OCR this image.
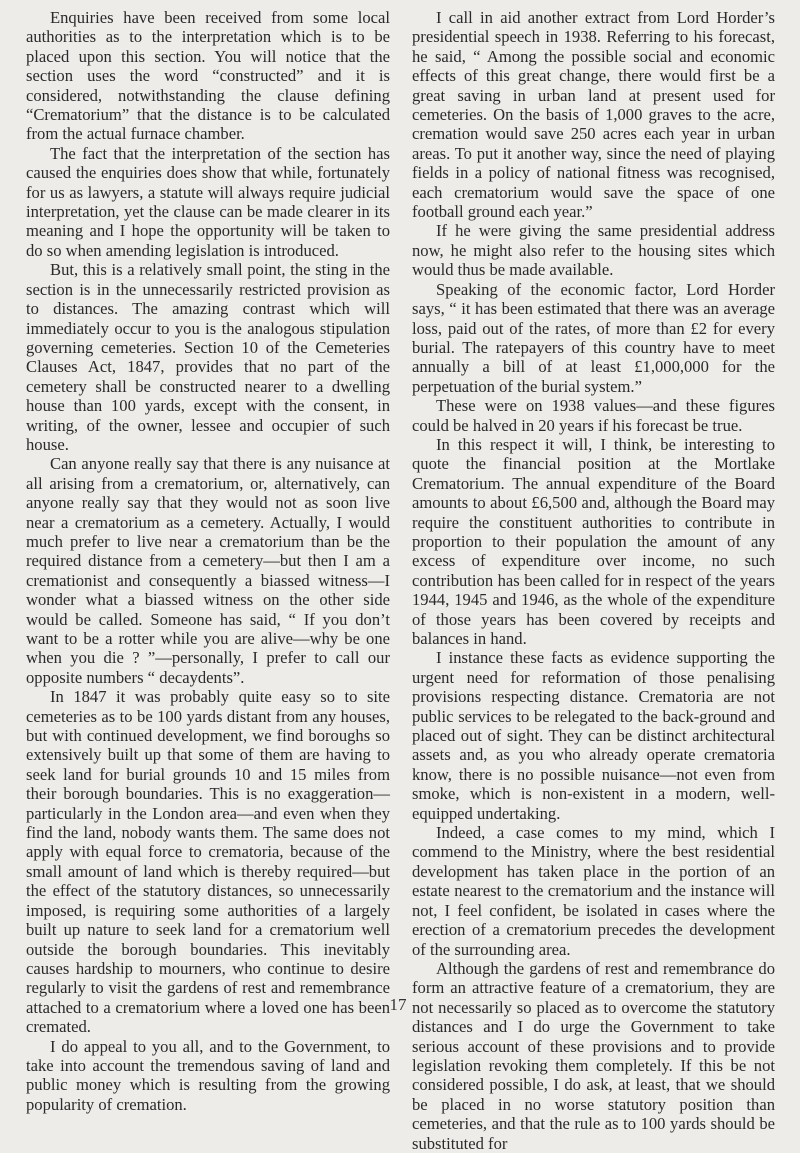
Enquiries have been received from some local authorities as to the interpretation which is to be placed upon this section. You will notice that the section uses the word “constructed” and it is considered, notwithstanding the clause defining “Crematorium” that the distance is to be calculated from the actual furnace chamber.

The fact that the interpretation of the section has caused the enquiries does show that while, fortunately for us as lawyers, a statute will always require judicial interpretation, yet the clause can be made clearer in its meaning and I hope the opportunity will be taken to do so when amending legislation is introduced.

But, this is a relatively small point, the sting in the section is in the unnecessarily restricted provision as to distances. The amazing contrast which will immediately occur to you is the analogous stipulation governing cemeteries. Section 10 of the Cemeteries Clauses Act, 1847, provides that no part of the cemetery shall be constructed nearer to a dwelling house than 100 yards, except with the consent, in writing, of the owner, lessee and occupier of such house.

Can anyone really say that there is any nuisance at all arising from a crematorium, or, alternatively, can anyone really say that they would not as soon live near a crematorium as a cemetery. Actually, I would much prefer to live near a crematorium than be the required distance from a cemetery—but then I am a cremationist and consequently a biassed witness—I wonder what a biassed witness on the other side would be called. Someone has said, “ If you don’t want to be a rotter while you are alive—why be one when you die ? ”—personally, I prefer to call our opposite numbers “ decaydents”.

In 1847 it was probably quite easy so to site cemeteries as to be 100 yards distant from any houses, but with continued development, we find boroughs so extensively built up that some of them are having to seek land for burial grounds 10 and 15 miles from their borough boundaries. This is no exaggeration—particularly in the London area—and even when they find the land, nobody wants them. The same does not apply with equal force to crematoria, because of the small amount of land which is thereby required—but the effect of the statutory distances, so unnecessarily imposed, is requiring some authorities of a largely built up nature to seek land for a crematorium well outside the borough boundaries. This inevitably causes hardship to mourners, who continue to desire regularly to visit the gardens of rest and remembrance attached to a crematorium where a loved one has been cremated.

I do appeal to you all, and to the Government, to take into account the tremendous saving of land and public money which is resulting from the growing popularity of cremation.

I call in aid another extract from Lord Horder’s presidential speech in 1938. Referring to his forecast, he said, “ Among the possible social and economic effects of this great change, there would first be a great saving in urban land at present used for cemeteries. On the basis of 1,000 graves to the acre, cremation would save 250 acres each year in urban areas. To put it another way, since the need of playing fields in a policy of national fitness was recognised, each crematorium would save the space of one football ground each year.”

If he were giving the same presidential address now, he might also refer to the housing sites which would thus be made available.

Speaking of the economic factor, Lord Horder says, “ it has been estimated that there was an average loss, paid out of the rates, of more than £2 for every burial. The ratepayers of this country have to meet annually a bill of at least £1,000,000 for the perpetuation of the burial system.”

These were on 1938 values—and these figures could be halved in 20 years if his forecast be true.

In this respect it will, I think, be interesting to quote the financial position at the Mortlake Crematorium. The annual expenditure of the Board amounts to about £6,500 and, although the Board may require the constituent authorities to contribute in proportion to their population the amount of any excess of expenditure over income, no such contribution has been called for in respect of the years 1944, 1945 and 1946, as the whole of the expenditure of those years has been covered by receipts and balances in hand.

I instance these facts as evidence supporting the urgent need for reformation of those penalising provisions respecting distance. Crematoria are not public services to be relegated to the back-ground and placed out of sight. They can be distinct architectural assets and, as you who already operate crematoria know, there is no possible nuisance—not even from smoke, which is non-existent in a modern, well-equipped undertaking.

Indeed, a case comes to my mind, which I commend to the Ministry, where the best residential development has taken place in the portion of an estate nearest to the crematorium and the instance will not, I feel confident, be isolated in cases where the erection of a crematorium precedes the development of the surrounding area.

Although the gardens of rest and remembrance do form an attractive feature of a crematorium, they are not necessarily so placed as to overcome the statutory distances and I do urge the Government to take serious account of these provisions and to provide legislation revoking them completely. If this be not considered possible, I do ask, at least, that we should be placed in no worse statutory position than cemeteries, and that the rule as to 100 yards should be substituted for

17
